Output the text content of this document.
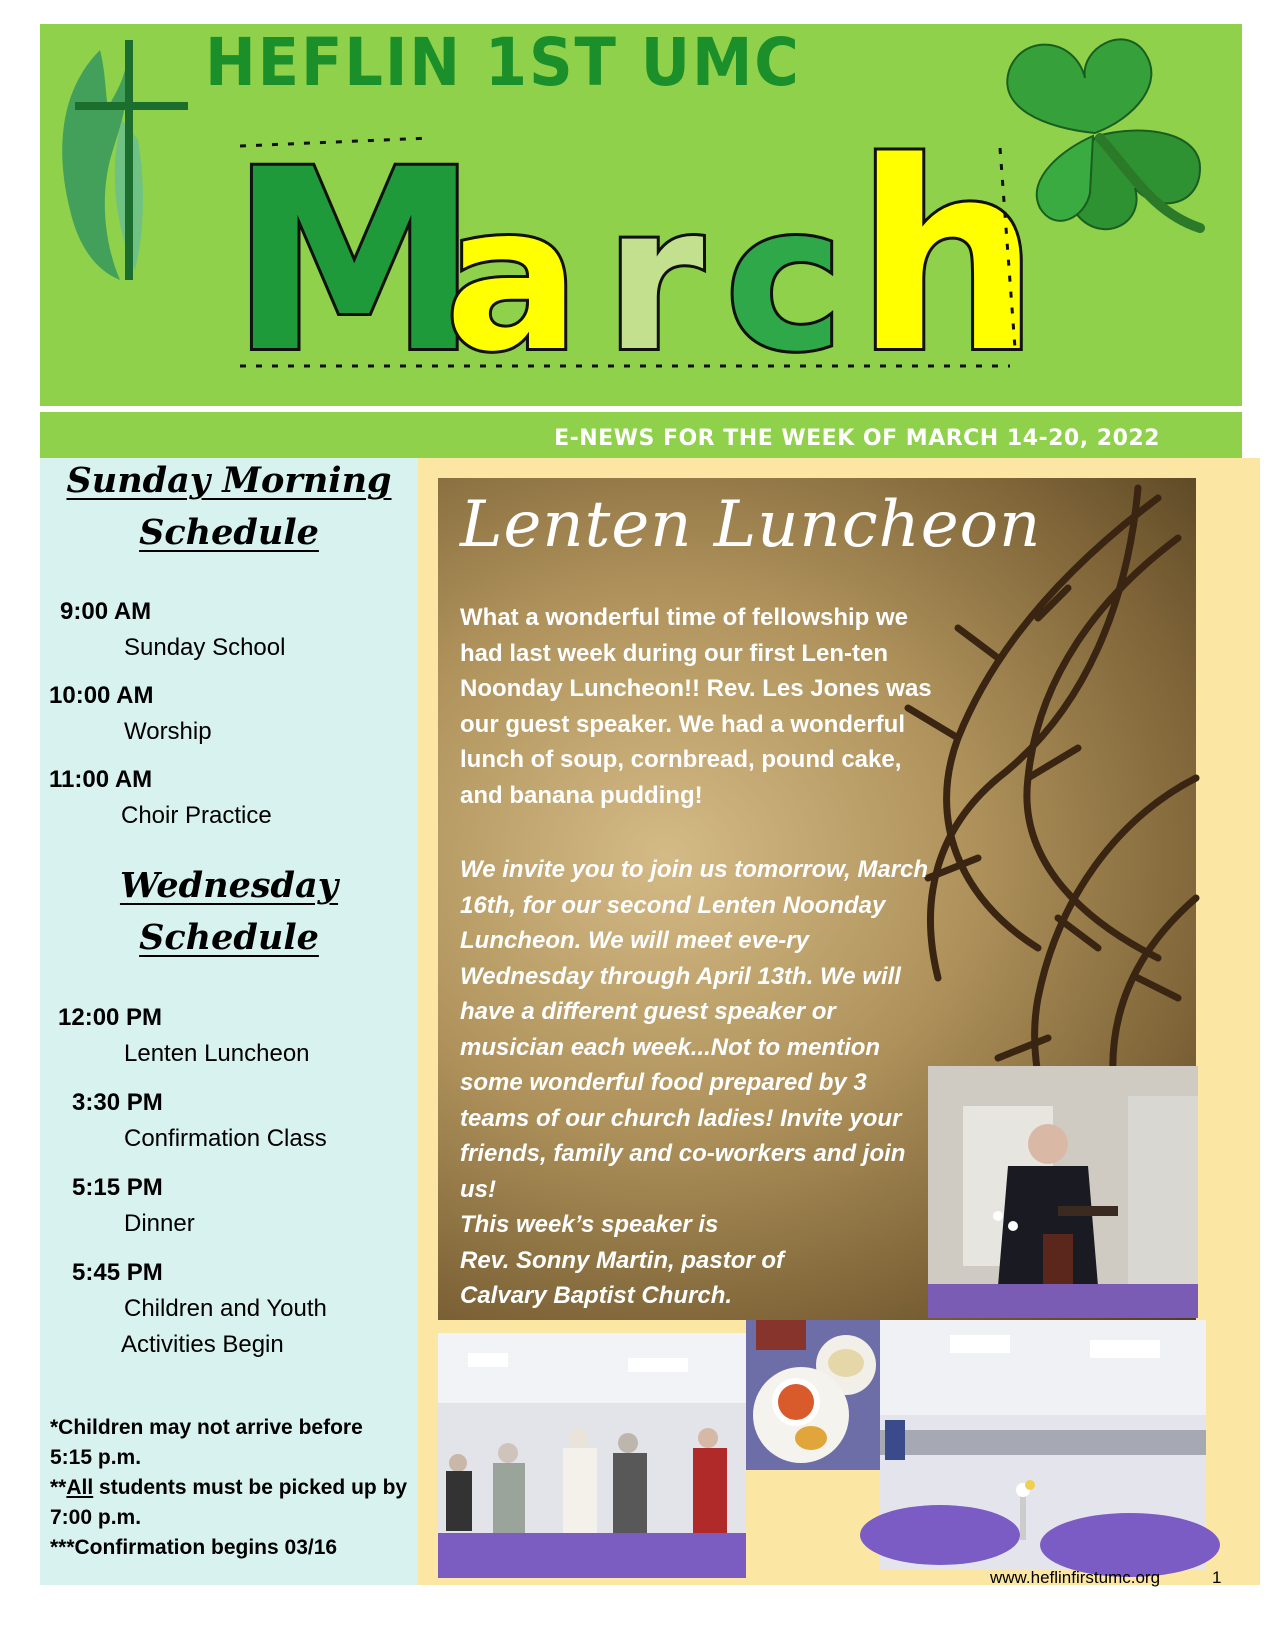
HEFLIN 1ST UMC
M
a r c h
E-NEWS FOR THE WEEK OF MARCH 14-20, 2022
Sunday Morning
Schedule
9:00 AM
Sunday School
10:00 AM
Worship
11:00 AM
Choir Practice
Wednesday
Schedule
12:00 PM
Lenten Luncheon
3:30 PM
Confirmation Class
5:15 PM
Dinner
5:45 PM
Children and Youth
Activities Begin
*Children may not arrive before 5:15 p.m.
**All students must be picked up by 7:00 p.m.
***Confirmation begins 03/16
Lenten Luncheon
What a wonderful time of fellowship we had last week during our first Len-ten Noonday Luncheon!! Rev. Les Jones was our guest speaker. We had a wonderful lunch of soup, cornbread, pound cake, and banana pudding!
We invite you to join us tomorrow, March 16th, for our second Lenten Noonday Luncheon. We will meet eve-ry Wednesday through April 13th. We will have a different guest speaker or musician each week...Not to mention some wonderful food prepared by 3 teams of our church ladies! Invite your friends, family and co-workers and join us!
This week’s speaker is
Rev. Sonny Martin, pastor of
Calvary Baptist Church.
www.heflinfirstumc.org	1
